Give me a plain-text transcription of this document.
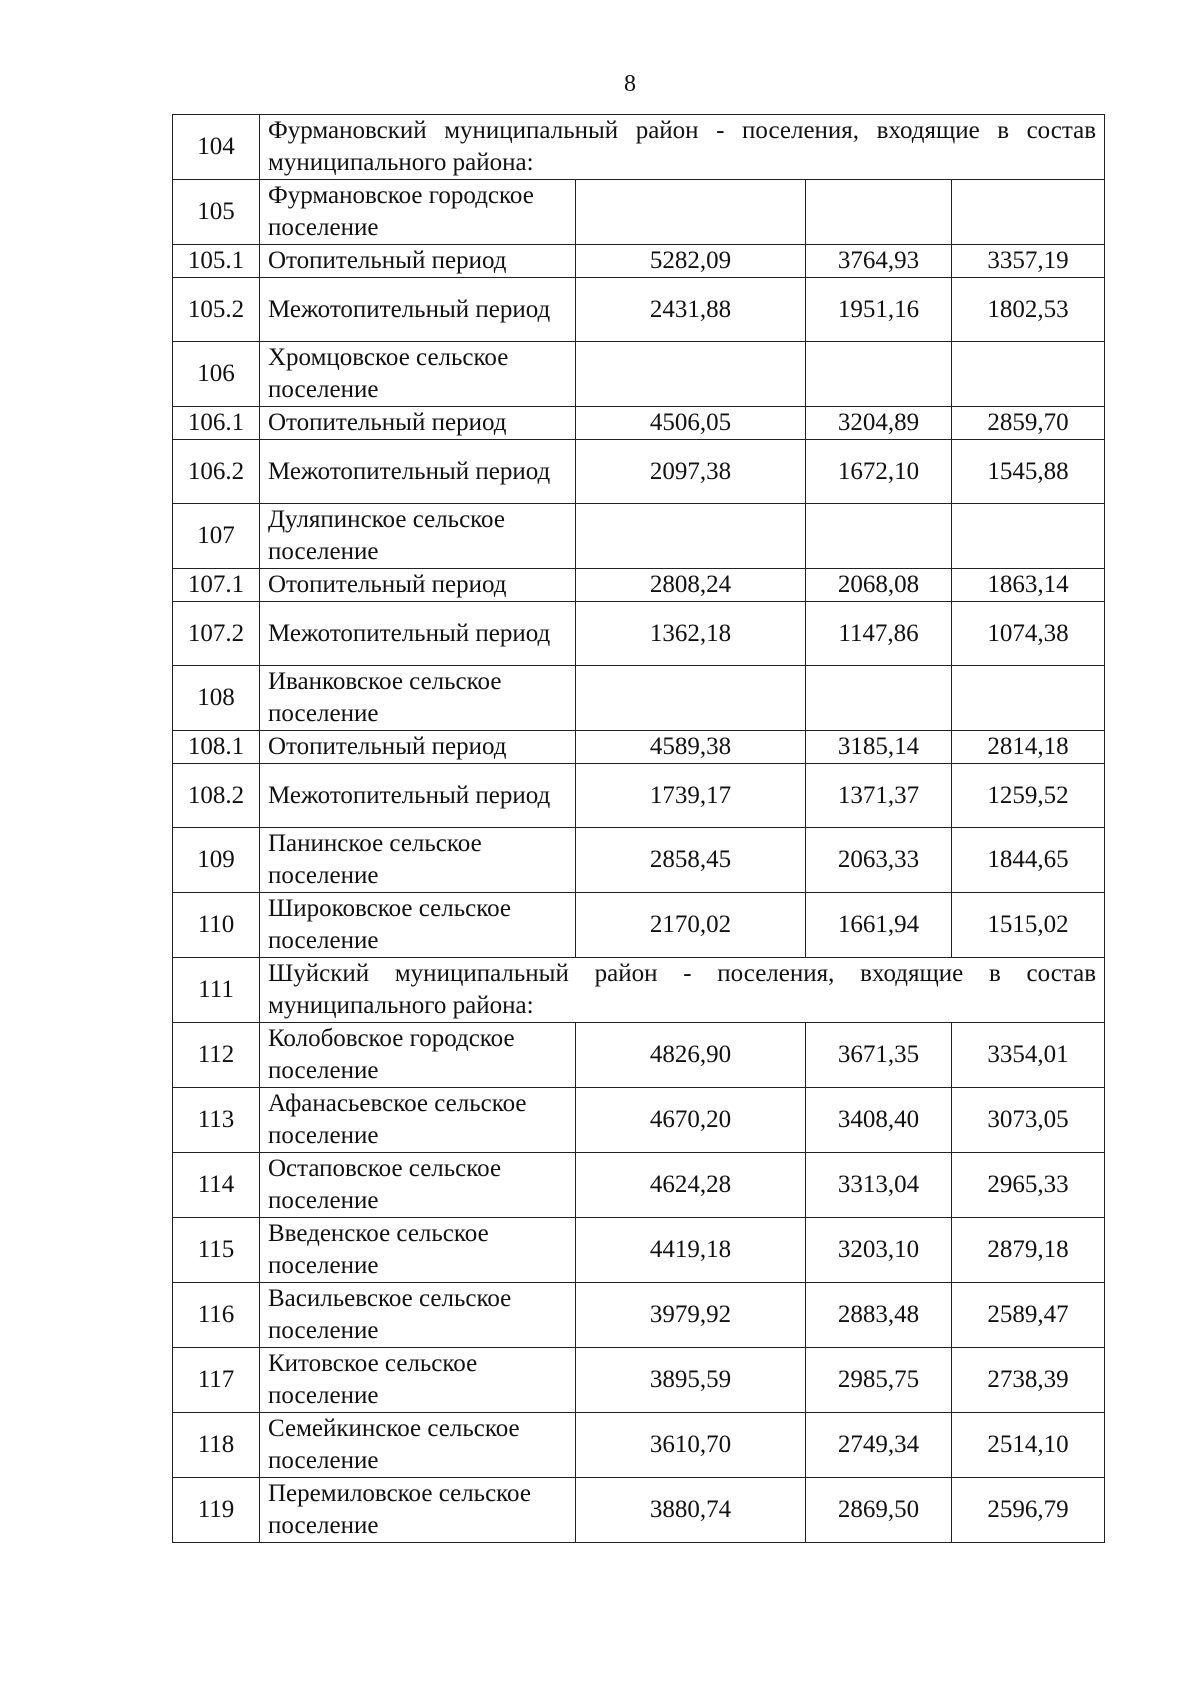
8
104	Фурмановский муниципальный район - поселения, входящие в состав муниципального района:			
105	Фурмановское городское поселение			
105.1	Отопительный период	5282,09	3764,93	3357,19
105.2	Межотопительный период	2431,88	1951,16	1802,53
106	Хромцовское сельское поселение			
106.1	Отопительный период	4506,05	3204,89	2859,70
106.2	Межотопительный период	2097,38	1672,10	1545,88
107	Дуляпинское сельское поселение			
107.1	Отопительный период	2808,24	2068,08	1863,14
107.2	Межотопительный период	1362,18	1147,86	1074,38
108	Иванковское сельское поселение			
108.1	Отопительный период	4589,38	3185,14	2814,18
108.2	Межотопительный период	1739,17	1371,37	1259,52
109	Панинское сельское поселение	2858,45	2063,33	1844,65
110	Широковское сельское поселение	2170,02	1661,94	1515,02
111	Шуйский муниципальный район - поселения, входящие в состав муниципального района:			
112	Колобовское городское поселение	4826,90	3671,35	3354,01
113	Афанасьевское сельское поселение	4670,20	3408,40	3073,05
114	Остаповское сельское поселение	4624,28	3313,04	2965,33
115	Введенское сельское поселение	4419,18	3203,10	2879,18
116	Васильевское сельское поселение	3979,92	2883,48	2589,47
117	Китовское сельское поселение	3895,59	2985,75	2738,39
118	Семейкинское сельское поселение	3610,70	2749,34	2514,10
119	Перемиловское сельское поселение	3880,74	2869,50	2596,79
